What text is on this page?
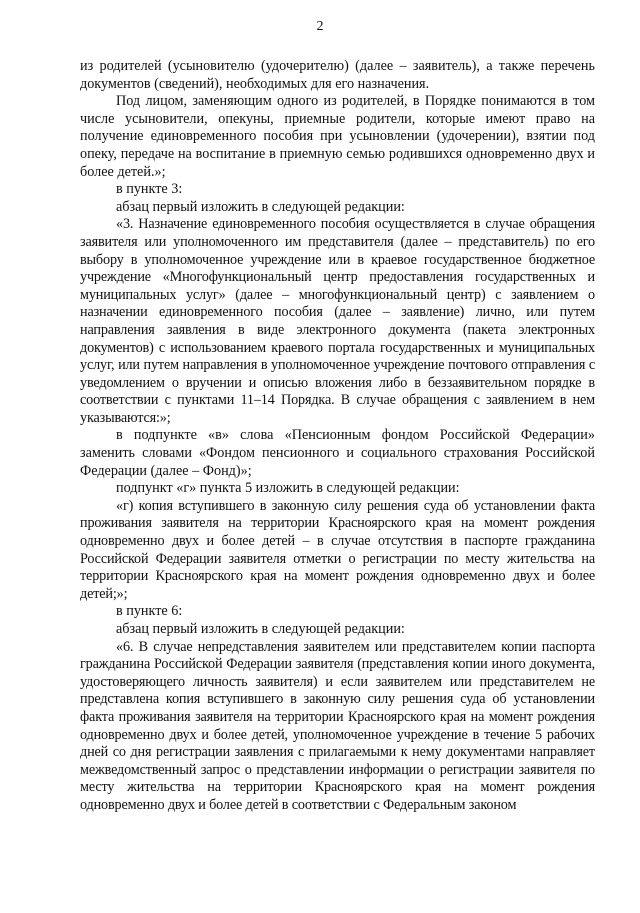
2

из родителей (усыновителю (удочерителю) (далее – заявитель), а также перечень документов (сведений), необходимых для его назначения.

Под лицом, заменяющим одного из родителей, в Порядке понимаются в том числе усыновители, опекуны, приемные родители, которые имеют право на получение единовременного пособия при усыновлении (удочерении), взятии под опеку, передаче на воспитание в приемную семью родившихся одновременно двух и более детей.»;

в пункте 3:

абзац первый изложить в следующей редакции:

«3. Назначение единовременного пособия осуществляется в случае обращения заявителя или уполномоченного им представителя (далее – представитель) по его выбору в уполномоченное учреждение или в краевое государственное бюджетное учреждение «Многофункциональный центр предоставления государственных и муниципальных услуг» (далее – многофункциональный центр) с заявлением о назначении единовременного пособия (далее – заявление) лично, или путем направления заявления в виде электронного документа (пакета электронных документов) с использованием краевого портала государственных и муниципальных услуг, или путем направления в уполномоченное учреждение почтового отправления с уведомлением о вручении и описью вложения либо в беззаявительном порядке в соответствии с пунктами 11–14 Порядка. В случае обращения с заявлением в нем указываются:»;

в подпункте «в» слова «Пенсионным фондом Российской Федерации» заменить словами «Фондом пенсионного и социального страхования Российской Федерации (далее – Фонд)»;

подпункт «г» пункта 5 изложить в следующей редакции:

«г) копия вступившего в законную силу решения суда об установлении факта проживания заявителя на территории Красноярского края на момент рождения одновременно двух и более детей – в случае отсутствия в паспорте гражданина Российской Федерации заявителя отметки о регистрации по месту жительства на территории Красноярского края на момент рождения одновременно двух и более детей;»;

в пункте 6:

абзац первый изложить в следующей редакции:

«6. В случае непредставления заявителем или представителем копии паспорта гражданина Российской Федерации заявителя (представления копии иного документа, удостоверяющего личность заявителя) и если заявителем или представителем не представлена копия вступившего в законную силу решения суда об установлении факта проживания заявителя на территории Красноярского края на момент рождения одновременно двух и более детей, уполномоченное учреждение в течение 5 рабочих дней со дня регистрации заявления с прилагаемыми к нему документами направляет межведомственный запрос о представлении информации о регистрации заявителя по месту жительства на территории Красноярского края на момент рождения одновременно двух и более детей в соответствии с Федеральным законом
